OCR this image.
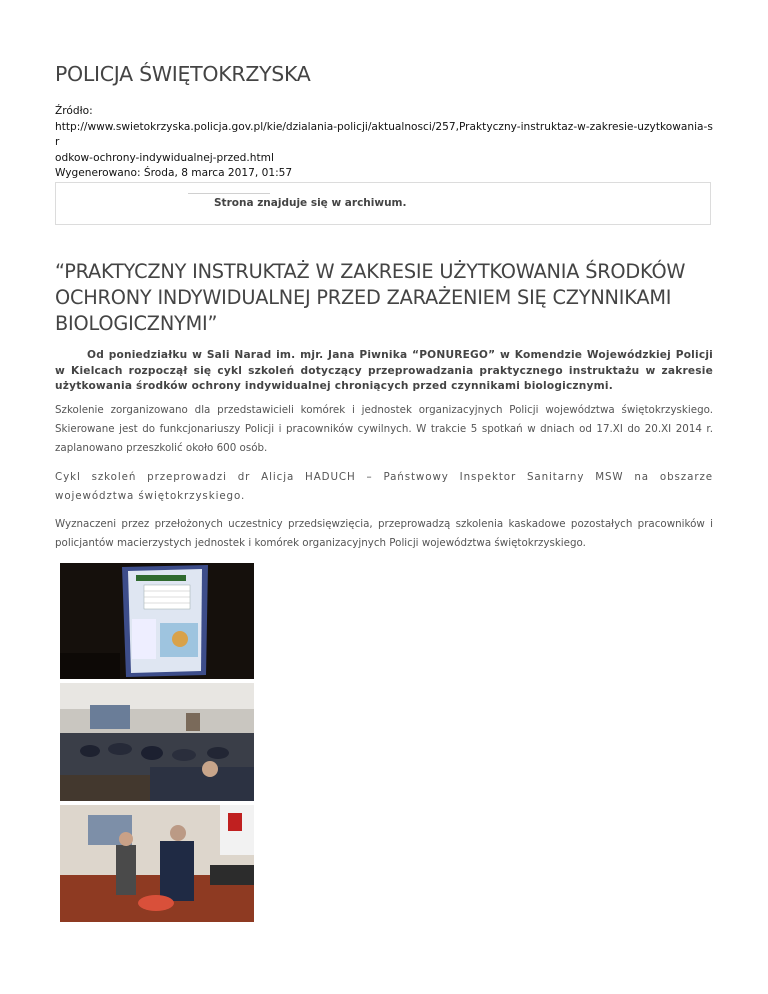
POLICJA ŚWIĘTOKRZYSKA
Źródło:
http://www.swietokrzyska.policja.gov.pl/kie/dzialania-policji/aktualnosci/257,Praktyczny-instruktaz-w-zakresie-uzytkowania-sr
odkow-ochrony-indywidualnej-przed.html
Wygenerowano: Środa, 8 marca 2017, 01:57
Strona znajduje się w archiwum.
“PRAKTYCZNY INSTRUKTAŻ W ZAKRESIE UŻYTKOWANIA ŚRODKÓW OCHRONY INDYWIDUALNEJ PRZED ZARAŻENIEM SIĘ CZYNNIKAMI BIOLOGICZNYMI”

Od poniedziałku w Sali Narad im. mjr. Jana Piwnika “PONUREGO” w Komendzie Wojewódzkiej Policji w Kielcach rozpoczął się cykl szkoleń dotyczący przeprowadzania praktycznego instruktażu w zakresie użytkowania środków ochrony indywidualnej chroniących przed czynnikami biologicznymi.

Szkolenie zorganizowano dla przedstawicieli komórek i jednostek organizacyjnych Policji województwa świętokrzyskiego. Skierowane jest do funkcjonariuszy Policji i pracowników cywilnych. W trakcie 5 spotkań w dniach od 17.XI do 20.XI 2014 r. zaplanowano przeszkolić około 600 osób.

Cykl szkoleń przeprowadzi dr Alicja HADUCH – Państwowy Inspektor Sanitarny MSW na obszarze województwa świętokrzyskiego.

Wyznaczeni przez przełożonych uczestnicy przedsięwzięcia, przeprowadzą szkolenia kaskadowe pozostałych pracowników i policjantów macierzystych jednostek i komórek organizacyjnych Policji województwa świętokrzyskiego.
